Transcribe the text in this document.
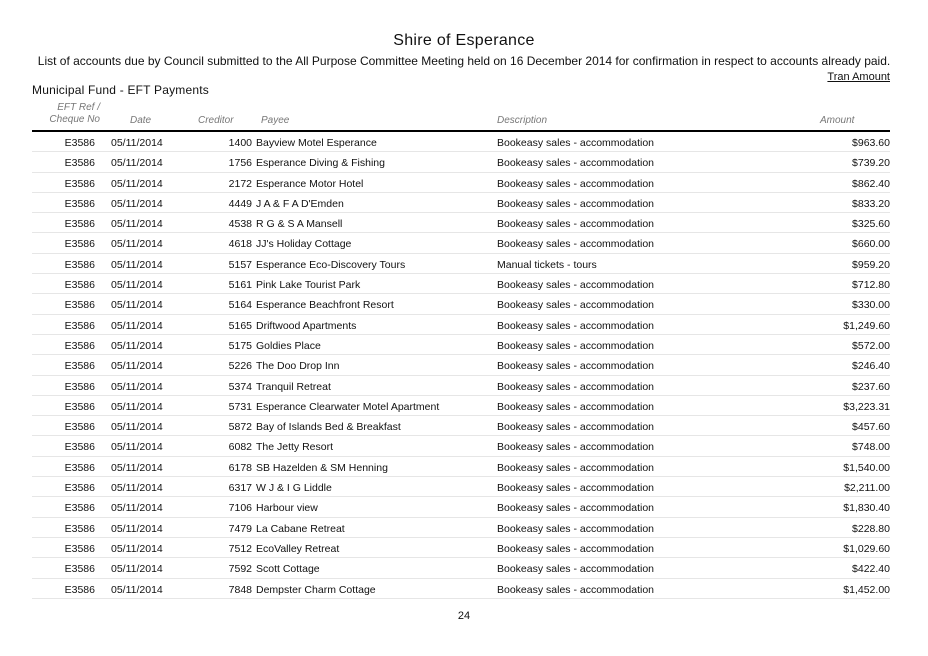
Shire of Esperance
List of accounts due by Council submitted to the All Purpose Committee Meeting held on 16 December 2014 for confirmation in respect to accounts already paid.
Tran Amount
Municipal Fund - EFT Payments
EFT Ref /
Cheque No	Date	Creditor	Payee	Description	Amount
E3586 05/11/2014	1400 Bayview Motel Esperance	Bookeasy sales - accommodation	$963.60
E3586 05/11/2014	1756 Esperance Diving & Fishing	Bookeasy sales - accommodation	$739.20
E3586 05/11/2014	2172 Esperance Motor Hotel	Bookeasy sales - accommodation	$862.40
E3586 05/11/2014	4449 J A & F A D'Emden	Bookeasy sales - accommodation	$833.20
E3586 05/11/2014	4538 R G & S A Mansell	Bookeasy sales - accommodation	$325.60
E3586 05/11/2014	4618 JJ's Holiday Cottage	Bookeasy sales - accommodation	$660.00
E3586 05/11/2014	5157 Esperance Eco-Discovery Tours	Manual tickets - tours	$959.20
E3586 05/11/2014	5161 Pink Lake Tourist Park	Bookeasy sales - accommodation	$712.80
E3586 05/11/2014	5164 Esperance Beachfront Resort	Bookeasy sales - accommodation	$330.00
E3586 05/11/2014	5165 Driftwood Apartments	Bookeasy sales - accommodation	$1,249.60
E3586 05/11/2014	5175 Goldies Place	Bookeasy sales - accommodation	$572.00
E3586 05/11/2014	5226 The Doo Drop Inn	Bookeasy sales - accommodation	$246.40
E3586 05/11/2014	5374 Tranquil Retreat	Bookeasy sales - accommodation	$237.60
E3586 05/11/2014	5731 Esperance Clearwater Motel Apartment	Bookeasy sales - accommodation	$3,223.31
E3586 05/11/2014	5872 Bay of Islands Bed & Breakfast	Bookeasy sales - accommodation	$457.60
E3586 05/11/2014	6082 The Jetty Resort	Bookeasy sales - accommodation	$748.00
E3586 05/11/2014	6178 SB Hazelden & SM Henning	Bookeasy sales - accommodation	$1,540.00
E3586 05/11/2014	6317 W J & I G Liddle	Bookeasy sales - accommodation	$2,211.00
E3586 05/11/2014	7106 Harbour view	Bookeasy sales - accommodation	$1,830.40
E3586 05/11/2014	7479 La Cabane Retreat	Bookeasy sales - accommodation	$228.80
E3586 05/11/2014	7512 EcoValley Retreat	Bookeasy sales - accommodation	$1,029.60
E3586 05/11/2014	7592 Scott Cottage	Bookeasy sales - accommodation	$422.40
E3586 05/11/2014	7848 Dempster Charm Cottage	Bookeasy sales - accommodation	$1,452.00
24
